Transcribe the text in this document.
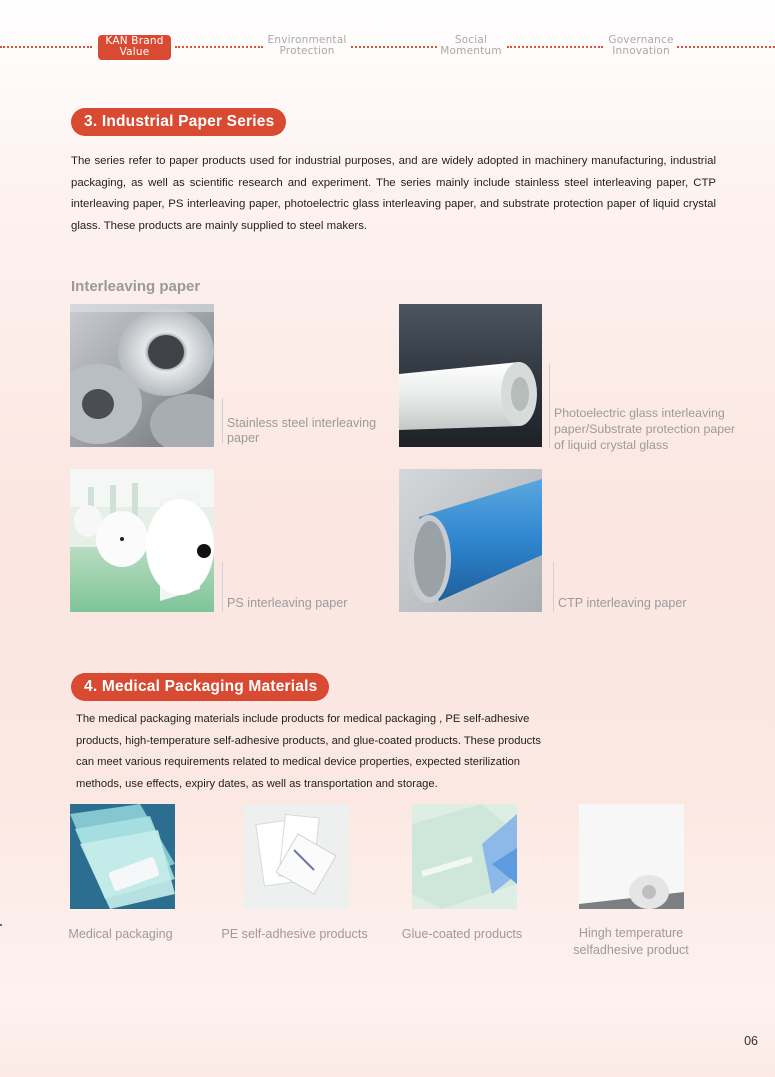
KAN Brand
Value
Environmental
Protection
Social
Momentum
Governance
Innovation
3. Industrial Paper Series
The series refer to paper products used for industrial purposes, and are widely adopted in machinery manufacturing, industrial packaging, as well as scientific research and experiment. The series mainly include stainless steel interleaving paper, CTP interleaving paper, PS interleaving paper, photoelectric glass interleaving paper, and substrate protection paper of liquid crystal glass. These products are mainly supplied to steel makers.
Interleaving paper
Stainless steel interleaving
paper
Photoelectric glass interleaving
paper/Substrate protection paper
of liquid crystal glass
PS interleaving paper	CTP interleaving paper
4. Medical Packaging Materials
The medical packaging materials include products for medical packaging , PE self-adhesive
products, high-temperature self-adhesive products, and glue-coated products. These products
can meet various requirements related to medical device properties, expected sterilization
methods, use effects, expiry dates, as well as transportation and storage.
Medical packaging	PE self-adhesive products	Glue-coated products	Hingh temperature
selfadhesive product
06
